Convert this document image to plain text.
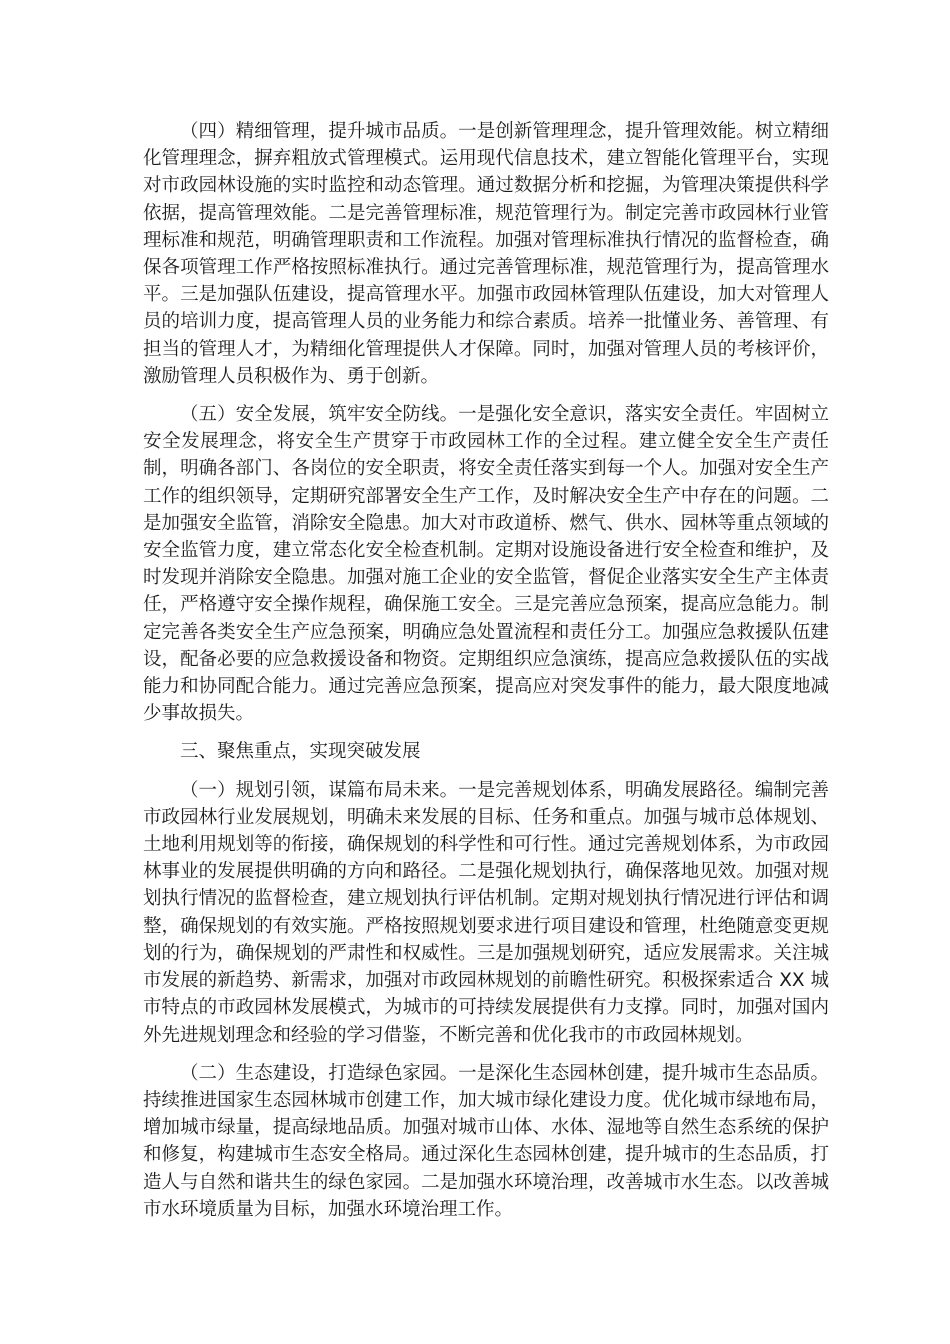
（四）精细管理，提升城市品质。一是创新管理理念，提升管理效能。树立精细化管理理念，摒弃粗放式管理模式。运用现代信息技术，建立智能化管理平台，实现对市政园林设施的实时监控和动态管理。通过数据分析和挖掘，为管理决策提供科学依据，提高管理效能。二是完善管理标准，规范管理行为。制定完善市政园林行业管理标准和规范，明确管理职责和工作流程。加强对管理标准执行情况的监督检查，确保各项管理工作严格按照标准执行。通过完善管理标准，规范管理行为，提高管理水平。三是加强队伍建设，提高管理水平。加强市政园林管理队伍建设，加大对管理人员的培训力度，提高管理人员的业务能力和综合素质。培养一批懂业务、善管理、有担当的管理人才，为精细化管理提供人才保障。同时，加强对管理人员的考核评价，激励管理人员积极作为、勇于创新。

（五）安全发展，筑牢安全防线。一是强化安全意识，落实安全责任。牢固树立安全发展理念，将安全生产贯穿于市政园林工作的全过程。建立健全安全生产责任制，明确各部门、各岗位的安全职责，将安全责任落实到每一个人。加强对安全生产工作的组织领导，定期研究部署安全生产工作，及时解决安全生产中存在的问题。二是加强安全监管，消除安全隐患。加大对市政道桥、燃气、供水、园林等重点领域的安全监管力度，建立常态化安全检查机制。定期对设施设备进行安全检查和维护，及时发现并消除安全隐患。加强对施工企业的安全监管，督促企业落实安全生产主体责任，严格遵守安全操作规程，确保施工安全。三是完善应急预案，提高应急能力。制定完善各类安全生产应急预案，明确应急处置流程和责任分工。加强应急救援队伍建设，配备必要的应急救援设备和物资。定期组织应急演练，提高应急救援队伍的实战能力和协同配合能力。通过完善应急预案，提高应对突发事件的能力，最大限度地减少事故损失。

三、聚焦重点，实现突破发展

（一）规划引领，谋篇布局未来。一是完善规划体系，明确发展路径。编制完善市政园林行业发展规划，明确未来发展的目标、任务和重点。加强与城市总体规划、土地利用规划等的衔接，确保规划的科学性和可行性。通过完善规划体系，为市政园林事业的发展提供明确的方向和路径。二是强化规划执行，确保落地见效。加强对规划执行情况的监督检查，建立规划执行评估机制。定期对规划执行情况进行评估和调整，确保规划的有效实施。严格按照规划要求进行项目建设和管理，杜绝随意变更规划的行为，确保规划的严肃性和权威性。三是加强规划研究，适应发展需求。关注城市发展的新趋势、新需求，加强对市政园林规划的前瞻性研究。积极探索适合 XX 城市特点的市政园林发展模式，为城市的可持续发展提供有力支撑。同时，加强对国内外先进规划理念和经验的学习借鉴，不断完善和优化我市的市政园林规划。

（二）生态建设，打造绿色家园。一是深化生态园林创建，提升城市生态品质。持续推进国家生态园林城市创建工作，加大城市绿化建设力度。优化城市绿地布局，增加城市绿量，提高绿地品质。加强对城市山体、水体、湿地等自然生态系统的保护和修复，构建城市生态安全格局。通过深化生态园林创建，提升城市的生态品质，打造人与自然和谐共生的绿色家园。二是加强水环境治理，改善城市水生态。以改善城市水环境质量为目标，加强水环境治理工作。
